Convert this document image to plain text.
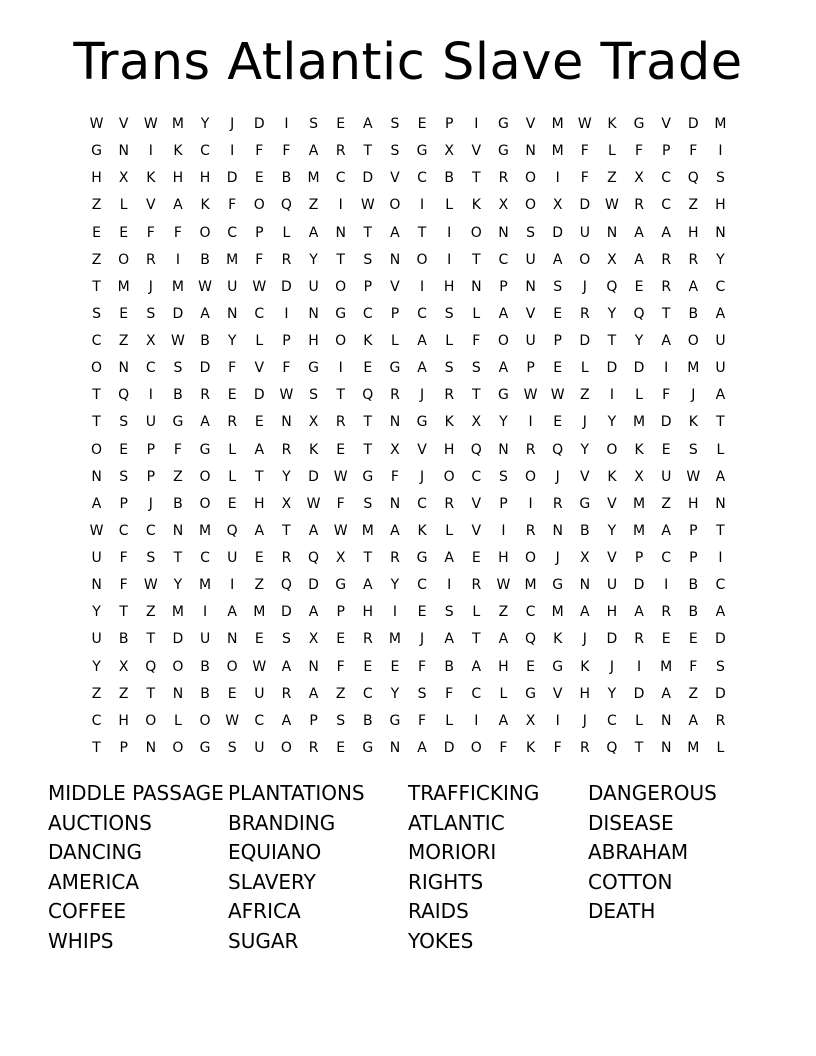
Trans Atlantic Slave Trade
W	V	W	M	Y	J	D	I	S	E	A	S	E	P	I	G	V	M	W	K	G	V	D	M
G	N	I	K	C	I	F	F	A	R	T	S	G	X	V	G	N	M	F	L	F	P	F	I
H	X	K	H	H	D	E	B	M	C	D	V	C	B	T	R	O	I	F	Z	X	C	Q	S
Z	L	V	A	K	F	O	Q	Z	I	W	O	I	L	K	X	O	X	D	W	R	C	Z	H
E	E	F	F	O	C	P	L	A	N	T	A	T	I	O	N	S	D	U	N	A	A	H	N
Z	O	R	I	B	M	F	R	Y	T	S	N	O	I	T	C	U	A	O	X	A	R	R	Y
T	M	J	M	W	U	W	D	U	O	P	V	I	H	N	P	N	S	J	Q	E	R	A	C
S	E	S	D	A	N	C	I	N	G	C	P	C	S	L	A	V	E	R	Y	Q	T	B	A
C	Z	X	W	B	Y	L	P	H	O	K	L	A	L	F	O	U	P	D	T	Y	A	O	U
O	N	C	S	D	F	V	F	G	I	E	G	A	S	S	A	P	E	L	D	D	I	M	U
T	Q	I	B	R	E	D	W	S	T	Q	R	J	R	T	G	W W	Z	I	L	F	J	A
T	S	U	G	A	R	E	N	X	R	T	N	G	K	X	Y	I	E	J	Y	M	D	K	T
O	E	P	F	G	L	A	R	K	E	T	X	V	H	Q	N	R	Q	Y	O	K	E	S	L
N	S	P	Z	O	L	T	Y	D	W	G	F	J	O	C	S	O	J	V	K	X	U	W	A
A	P	J	B	O	E	H	X	W	F	S	N	C	R	V	P	I	R	G	V	M	Z	H	N
W	C	C	N	M	Q	A	T	A	W	M	A	K	L	V	I	R	N	B	Y	M	A	P	T
U	F	S	T	C	U	E	R	Q	X	T	R	G	A	E	H	O	J	X	V	P	C	P	I
N	F	W	Y	M	I	Z	Q	D	G	A	Y	C	I	R	W	M	G	N	U	D	I	B	C
Y	T	Z	M	I	A	M	D	A	P	H	I	E	S	L	Z	C	M	A	H	A	R	B	A
U	B	T	D	U	N	E	S	X	E	R	M	J	A	T	A	Q	K	J	D	R	E	E	D
Y	X	Q	O	B	O	W	A	N	F	E	E	F	B	A	H	E	G	K	J	I	M	F	S
Z	Z	T	N	B	E	U	R	A	Z	C	Y	S	F	C	L	G	V	H	Y	D	A	Z	D
C	H	O	L	O	W	C	A	P	S	B	G	F	L	I	A	X	I	J	C	L	N	A	R
T	P	N	O	G	S	U	O	R	E	G	N	A	D	O	F	K	F	R	Q	T	N	M	L
MIDDLE PASSAGE
AUCTIONS
DANCING
AMERICA
COFFEE
WHIPS
PLANTATIONS
BRANDING
EQUIANO
SLAVERY
AFRICA
SUGAR
TRAFFICKING
ATLANTIC
MORIORI
RIGHTS
RAIDS
YOKES
DANGEROUS
DISEASE
ABRAHAM
COTTON
DEATH
